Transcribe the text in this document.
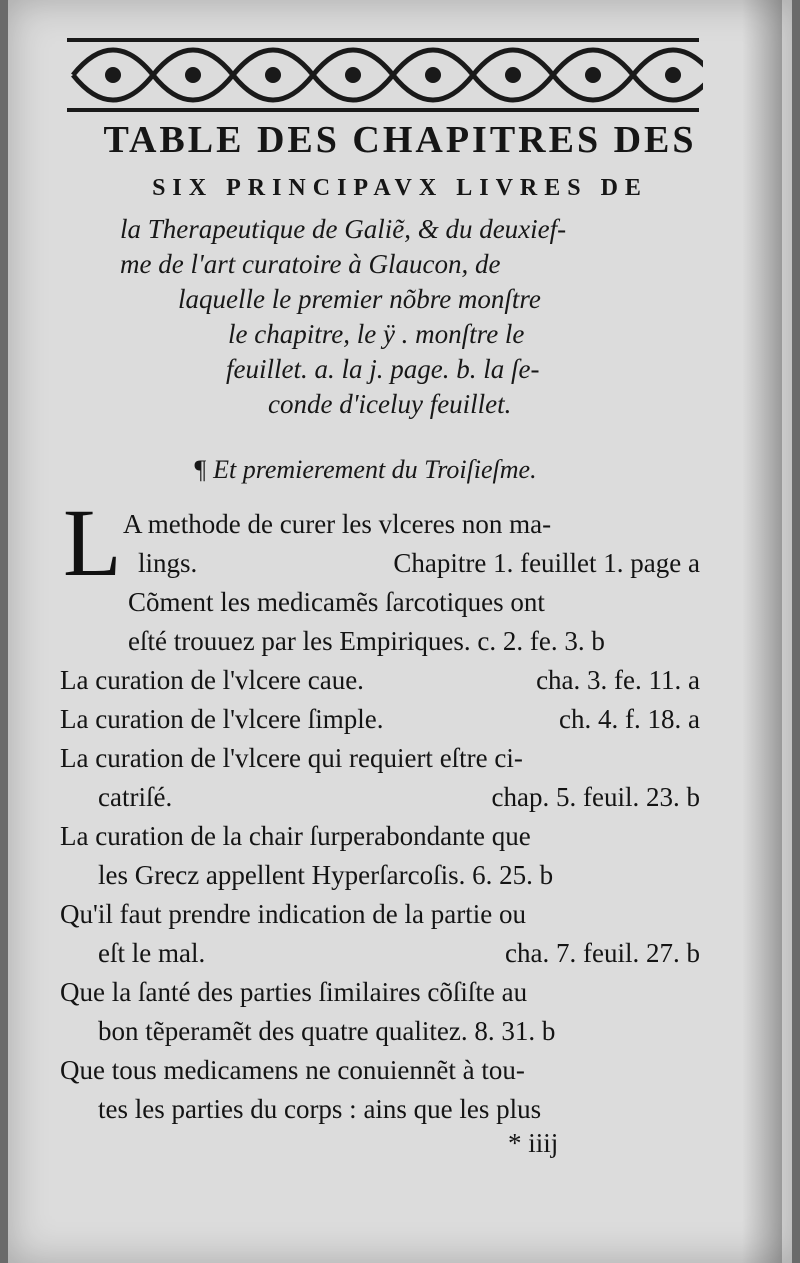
TABLE DES CHAPITRES DES
SIX PRINCIPAVX LIVRES DE
la Therapeutique de Galiẽ, & du deuxief-
me de l'art curatoire à Glaucon, de
laquelle le premier nõbre monſtre
le chapitre, le ÿ . monſtre le
feuillet. a. la j. page. b. la ſe-
conde d'iceluy feuillet.
¶ Et premierement du Troiſieſme.
L A methode de curer les vlceres non ma-
lings.	Chapitre 1. feuillet 1. page a
Cõment les medicamẽs ſarcotiques ont
eſté trouuez par les Empiriques. c. 2. fe. 3. b
La curation de l'vlcere caue.	cha. 3. fe. 11. a
La curation de l'vlcere ſimple.	ch. 4. f. 18. a
La curation de l'vlcere qui requiert eſtre ci-
catriſé.	chap. 5. feuil. 23. b
La curation de la chair ſurperabondante que
les Grecz appellent Hyperſarcoſis. 6. 25. b
Qu'il faut prendre indication de la partie ou
eſt le mal.	cha. 7. feuil. 27. b
Que la ſanté des parties ſimilaires cõſiſte au
bon tẽperamẽt des quatre qualitez. 8. 31. b
Que tous medicamens ne conuiennẽt à tou-
tes les parties du corps : ains que les plus
* iiij
